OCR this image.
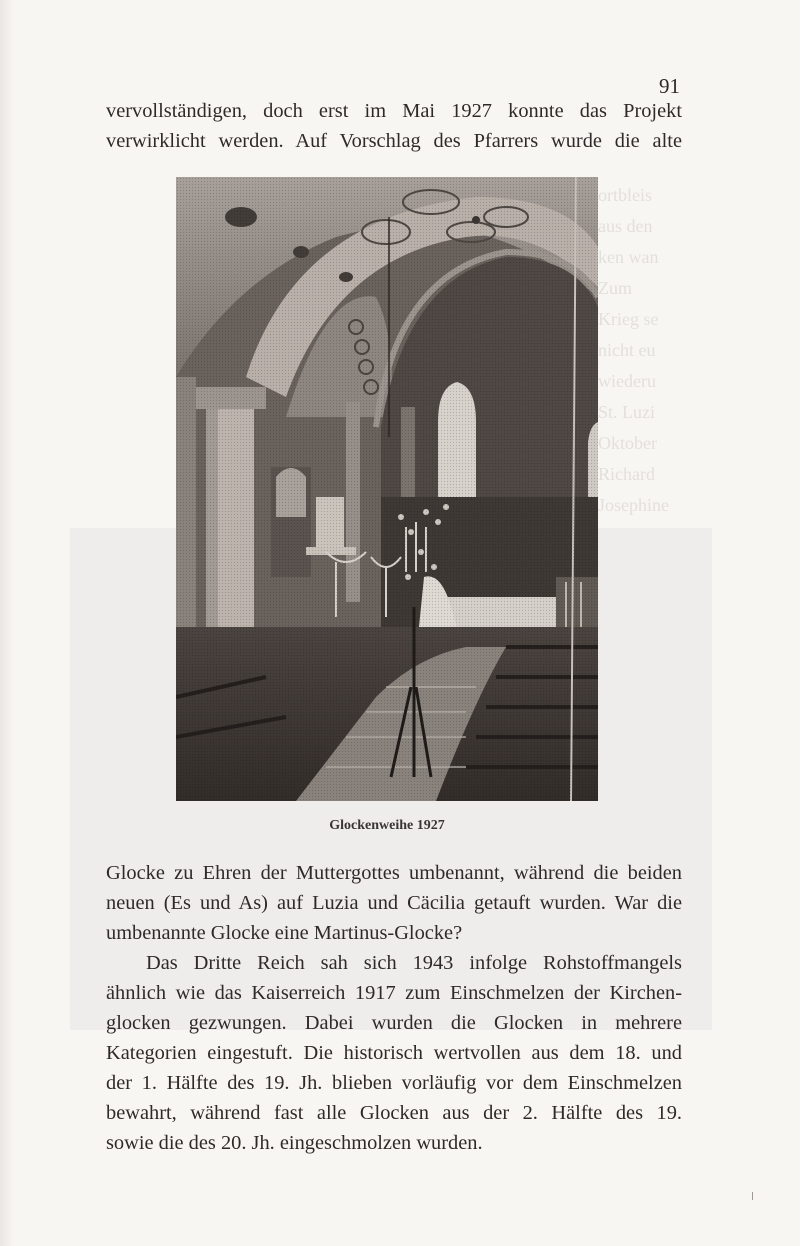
ortbleis
aus den
ken wan
Zum
Krieg se
nicht eu
wiederu
St. Luzi
Oktober
Richard
Josephine
91
vervollständigen, doch erst im Mai 1927 konnte das Projekt
verwirklicht werden. Auf Vorschlag des Pfarrers wurde die alte
Glockenweihe 1927
Glocke zu Ehren der Muttergottes umbenannt, während die beiden
neuen (Es und As) auf Luzia und Cäcilia getauft wurden. War die
umbenannte Glocke eine Martinus-Glocke?
Das Dritte Reich sah sich 1943 infolge Rohstoffmangels
ähnlich wie das Kaiserreich 1917 zum Einschmelzen der Kirchen-
glocken gezwungen. Dabei wurden die Glocken in mehrere
Kategorien eingestuft. Die historisch wertvollen aus dem 18. und
der 1. Hälfte des 19. Jh. blieben vorläufig vor dem Einschmelzen
bewahrt, während fast alle Glocken aus der 2. Hälfte des 19.
sowie die des 20. Jh. eingeschmolzen wurden.
